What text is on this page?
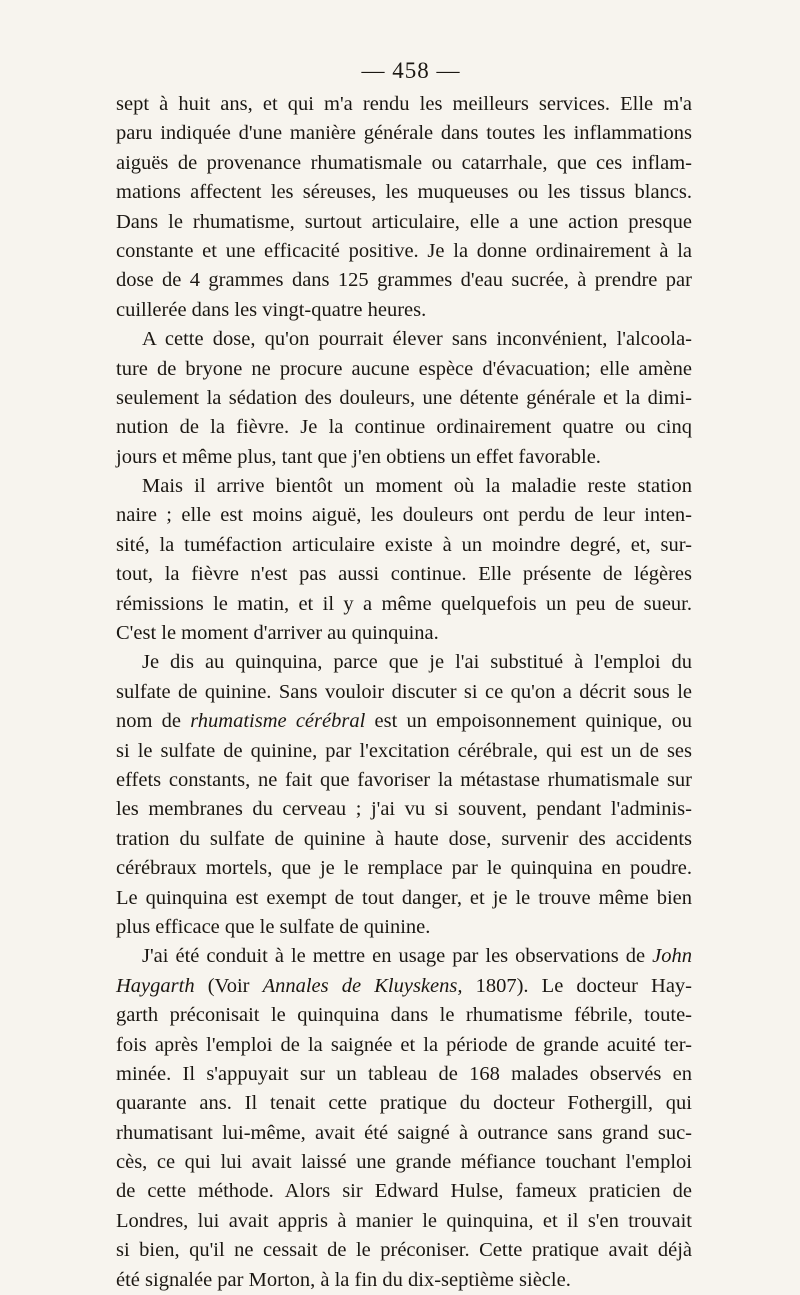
— 458 —
sept à huit ans, et qui m'a rendu les meilleurs services. Elle m'a
paru indiquée d'une manière générale dans toutes les inflammations
aiguës de provenance rhumatismale ou catarrhale, que ces inflam-
mations affectent les séreuses, les muqueuses ou les tissus blancs.
Dans le rhumatisme, surtout articulaire, elle a une action presque
constante et une efficacité positive. Je la donne ordinairement à la
dose de 4 grammes dans 125 grammes d'eau sucrée, à prendre par
cuillerée dans les vingt-quatre heures.
A cette dose, qu'on pourrait élever sans inconvénient, l'alcoola-
ture de bryone ne procure aucune espèce d'évacuation; elle amène
seulement la sédation des douleurs, une détente générale et la dimi-
nution de la fièvre. Je la continue ordinairement quatre ou cinq
jours et même plus, tant que j'en obtiens un effet favorable.
Mais il arrive bientôt un moment où la maladie reste station
naire ; elle est moins aiguë, les douleurs ont perdu de leur inten-
sité, la tuméfaction articulaire existe à un moindre degré, et, sur-
tout, la fièvre n'est pas aussi continue. Elle présente de légères
rémissions le matin, et il y a même quelquefois un peu de sueur.
C'est le moment d'arriver au quinquina.
Je dis au quinquina, parce que je l'ai substitué à l'emploi du
sulfate de quinine. Sans vouloir discuter si ce qu'on a décrit sous le
nom de rhumatisme cérébral est un empoisonnement quinique, ou
si le sulfate de quinine, par l'excitation cérébrale, qui est un de ses
effets constants, ne fait que favoriser la métastase rhumatismale sur
les membranes du cerveau ; j'ai vu si souvent, pendant l'adminis-
tration du sulfate de quinine à haute dose, survenir des accidents
cérébraux mortels, que je le remplace par le quinquina en poudre.
Le quinquina est exempt de tout danger, et je le trouve même bien
plus efficace que le sulfate de quinine.
J'ai été conduit à le mettre en usage par les observations de John
Haygarth (Voir Annales de Kluyskens, 1807). Le docteur Hay-
garth préconisait le quinquina dans le rhumatisme fébrile, toute-
fois après l'emploi de la saignée et la période de grande acuité ter-
minée. Il s'appuyait sur un tableau de 168 malades observés en
quarante ans. Il tenait cette pratique du docteur Fothergill, qui
rhumatisant lui-même, avait été saigné à outrance sans grand suc-
cès, ce qui lui avait laissé une grande méfiance touchant l'emploi
de cette méthode. Alors sir Edward Hulse, fameux praticien de
Londres, lui avait appris à manier le quinquina, et il s'en trouvait
si bien, qu'il ne cessait de le préconiser. Cette pratique avait déjà
été signalée par Morton, à la fin du dix-septième siècle.
